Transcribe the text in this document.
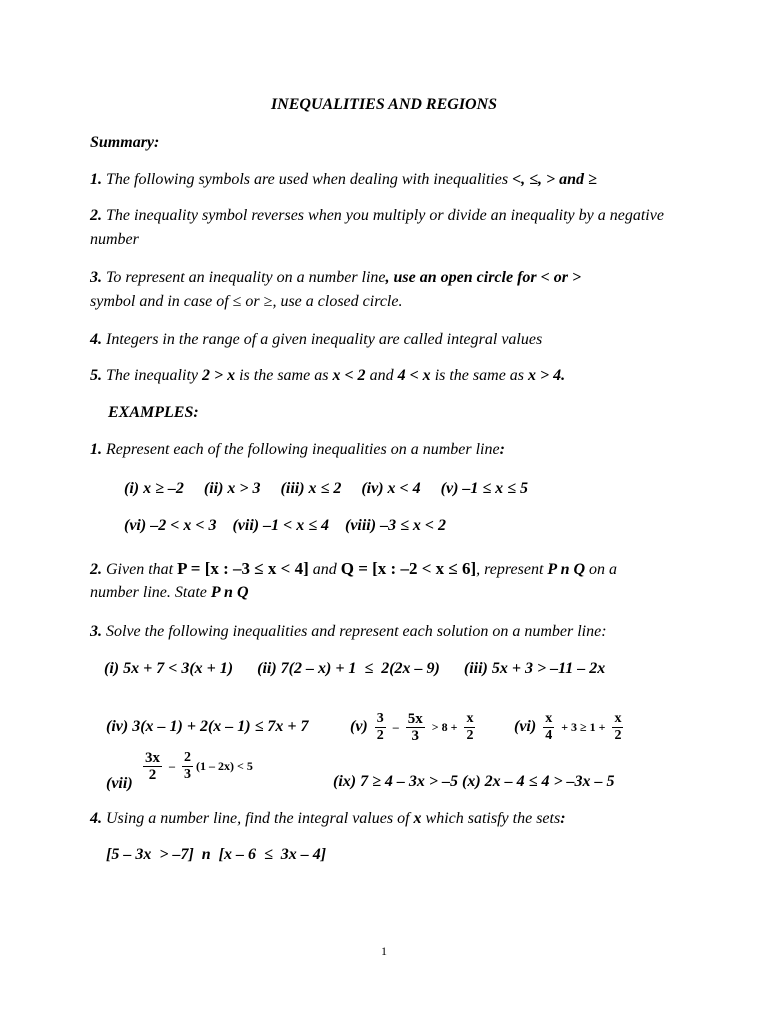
INEQUALITIES AND REGIONS
Summary:
1. The following symbols are used when dealing with inequalities <, ≤, > and ≥
2. The inequality symbol reverses when you multiply or divide an inequality by a negative number
3. To represent an inequality on a number line, use an open circle for < or >
symbol and in case of ≤ or ≥, use a closed circle.
4. Integers in the range of a given inequality are called integral values
5. The inequality 2 > x is the same as x < 2 and 4 < x is the same as x > 4.
EXAMPLES:
1. Represent each of the following inequalities on a number line:
(i) x ≥ –2     (ii) x > 3     (iii) x ≤ 2     (iv) x < 4     (v) –1 ≤ x ≤ 5
(vi) –2 < x < 3    (vii) –1 < x ≤ 4    (viii) –3 ≤ x < 2
2. Given that P = [x : –3 ≤ x < 4] and Q = [x : –2 < x ≤ 6], represent P n Q on a
number line. State P n Q
3. Solve the following inequalities and represent each solution on a number line:
(i) 5x + 7 < 3(x + 1)      (ii) 7(2 – x) + 1  ≤  2(2x – 9)      (iii) 5x + 3 > –11 – 2x
(iv) 3(x – 1) + 2(x – 1) ≤ 7x + 7	$(v) \frac{3}{2} - \frac{5x}{3} > 8 + \frac{x}{2} (vi) \frac{x}{4} + 3 \ge 1 + \frac{x}{2}$
(vii)
$\frac{3x}{2} - \frac{2}{3} (1 - 2x) < 5$
(ix) 7 ≥ 4 – 3x > –5 (x) 2x – 4 ≤ 4 > –3x – 5
4. Using a number line, find the integral values of x which satisfy the sets:
[5 – 3x  > –7]  n  [x – 6  ≤  3x – 4]
1
